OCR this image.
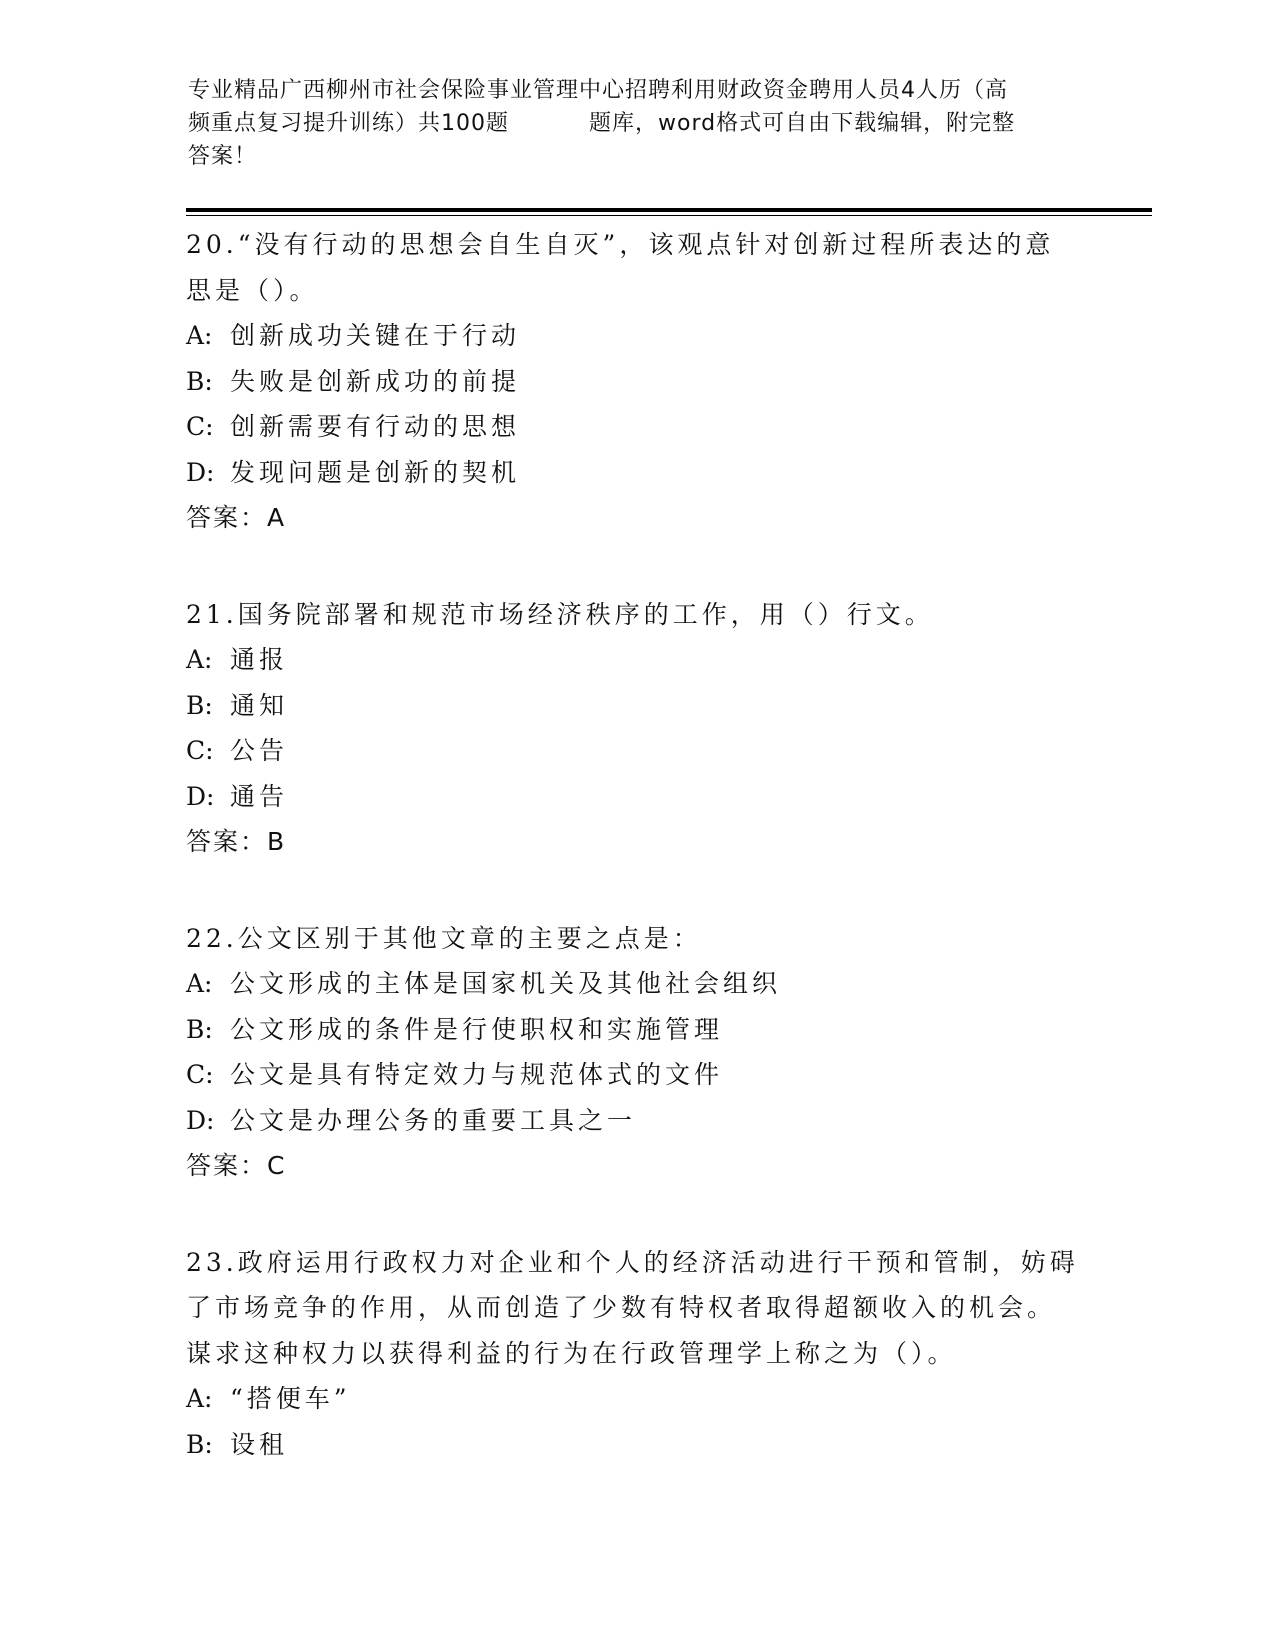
专业精品广西柳州市社会保险事业管理中心招聘利用财政资金聘用人员4人历（高
频重点复习提升训练）共100题	题库，word格式可自由下载编辑，附完整
答案！
20.“没有行动的思想会自生自灭”，该观点针对创新过程所表达的意
思是（）。
A: 创新成功关键在于行动
B: 失败是创新成功的前提
C: 创新需要有行动的思想
D: 发现问题是创新的契机
答案：A
21.国务院部署和规范市场经济秩序的工作，用（）行文。
A: 通报
B: 通知
C: 公告
D: 通告
答案：B
22.公文区别于其他文章的主要之点是：
A: 公文形成的主体是国家机关及其他社会组织
B: 公文形成的条件是行使职权和实施管理
C: 公文是具有特定效力与规范体式的文件
D: 公文是办理公务的重要工具之一
答案：C
23.政府运用行政权力对企业和个人的经济活动进行干预和管制，妨碍
了市场竞争的作用，从而创造了少数有特权者取得超额收入的机会。
谋求这种权力以获得利益的行为在行政管理学上称之为（）。
A: “搭便车”
B: 设租
